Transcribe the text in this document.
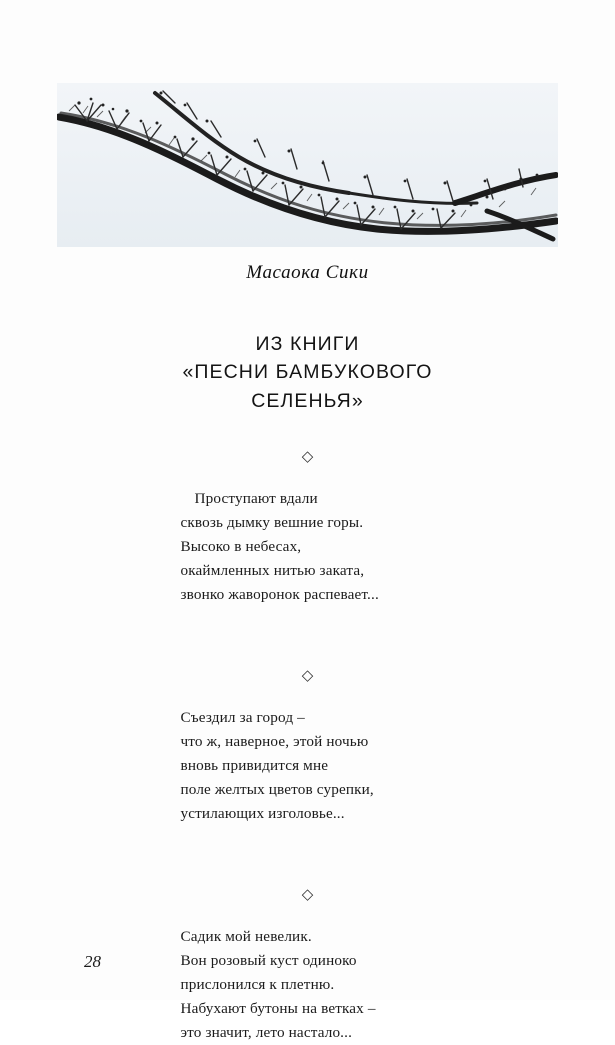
Масаока Сики
ИЗ КНИГИ
«ПЕСНИ БАМБУКОВОГО
СЕЛЕНЬЯ»
◇
Проступают вдали
сквозь дымку вешние горы.
Высоко в небесах,
окаймленных нитью заката,
звонко жаворонок распевает...
◇
Съездил за город –
что ж, наверное, этой ночью
вновь привидится мне
поле желтых цветов сурепки,
устилающих изголовье...
◇
Садик мой невелик.
Вон розовый куст одиноко
прислонился к плетню.
Набухают бутоны на ветках –
это значит, лето настало...
28
